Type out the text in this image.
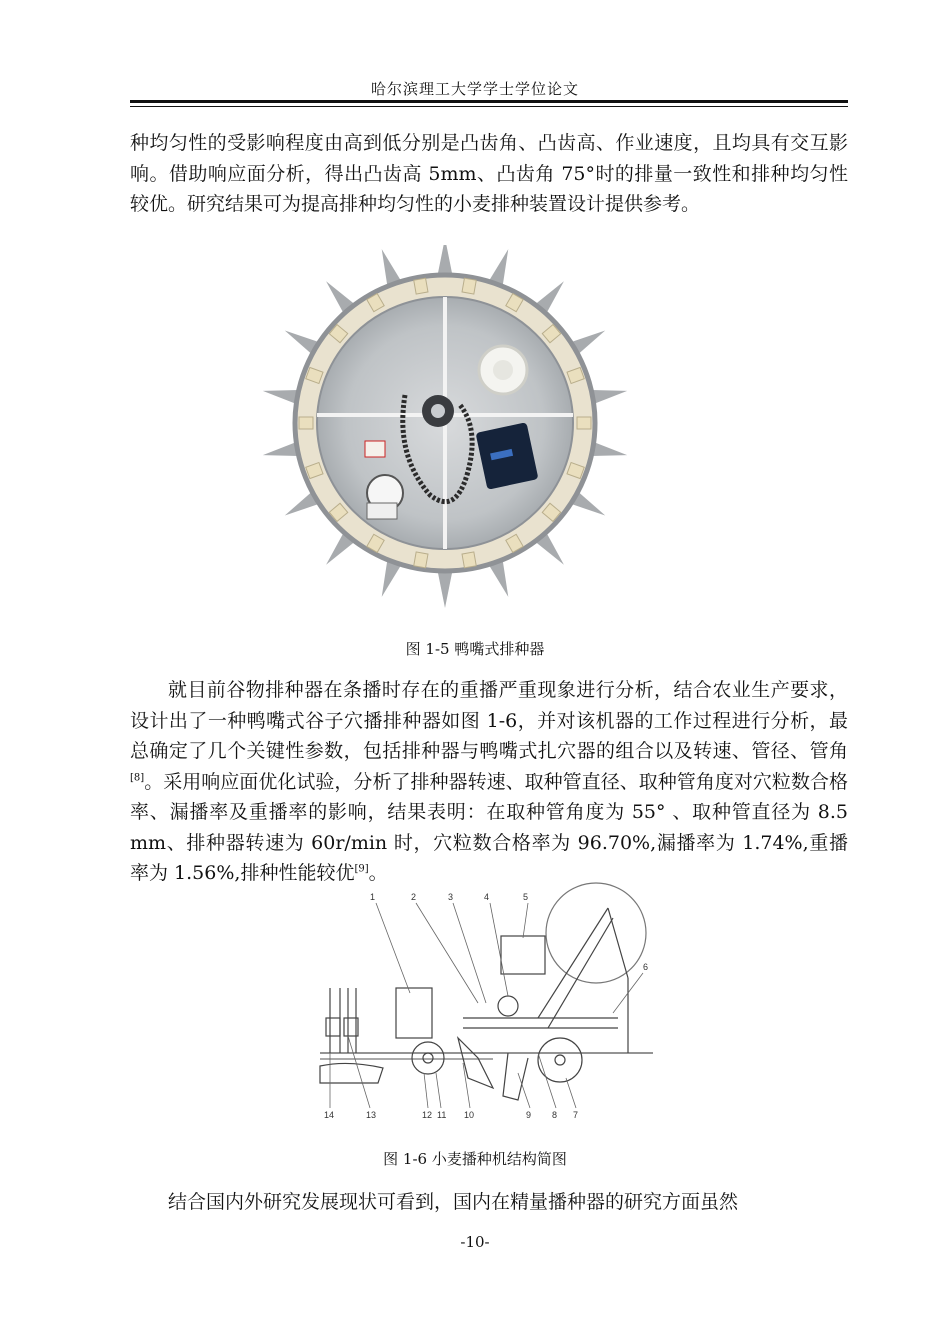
哈尔滨理工大学学士学位论文

种均匀性的受影响程度由高到低分别是凸齿角、凸齿高、作业速度，且均具有交互影响。借助响应面分析，得出凸齿高 5mm、凸齿角 75°时的排量一致性和排种均匀性较优。研究结果可为提高排种均匀性的小麦排种装置设计提供参考。

图 1-5 鸭嘴式排种器

就目前谷物排种器在条播时存在的重播严重现象进行分析，结合农业生产要求，设计出了一种鸭嘴式谷子穴播排种器如图 1-6，并对该机器的工作过程进行分析，最总确定了几个关键性参数，包括排种器与鸭嘴式扎穴器的组合以及转速、管径、管角[8]。采用响应面优化试验，分析了排种器转速、取种管直径、取种管角度对穴粒数合格率、漏播率及重播率的影响，结果表明：在取种管角度为 55° 、取种管直径为 8.5 mm、排种器转速为 60r/min 时，穴粒数合格率为 96.70%,漏播率为 1.74%,重播率为 1.56%,排种性能较优[9]。

1	2	3	4	5
6
7
8
9
10
11
12
13
14
图 1-6 小麦播种机结构简图

结合国内外研究发展现状可看到，国内在精量播种器的研究方面虽然

-10-
